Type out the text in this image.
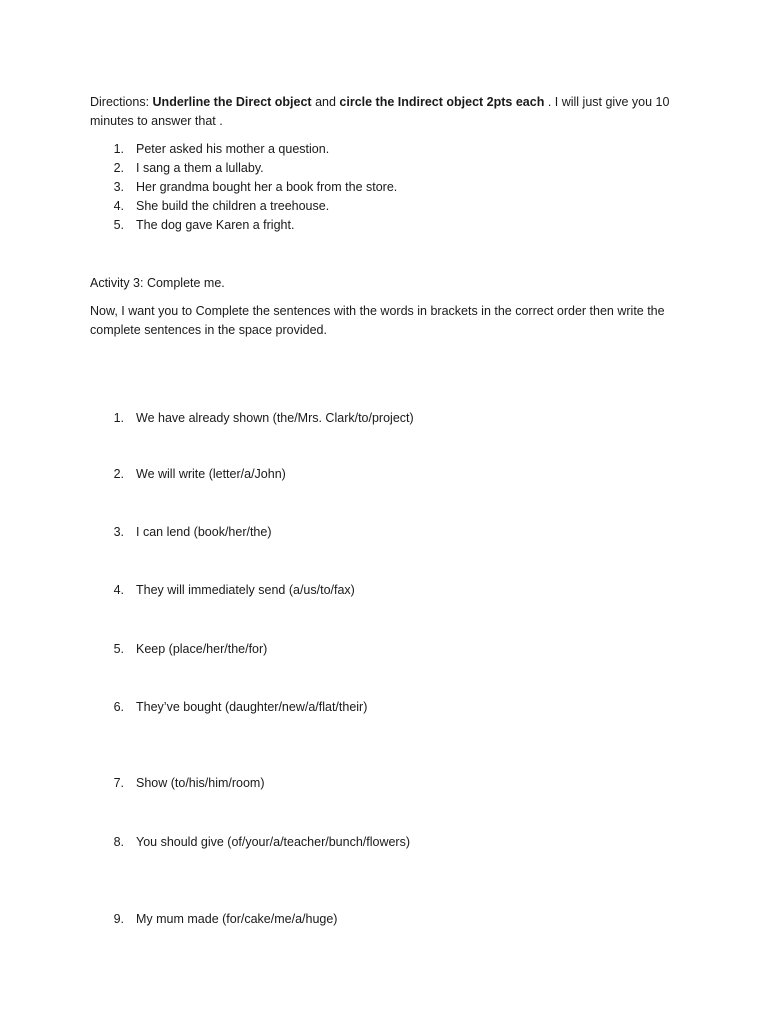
Directions: Underline the Direct object and circle the Indirect object 2pts each . I will just give you 10 minutes to answer that .

1. Peter asked his mother a question.
2. I sang a them a lullaby.
3. Her grandma bought her a book from the store.
4. She build the children a treehouse.
5. The dog gave Karen a fright.

Activity 3: Complete me.

Now, I want you to Complete the sentences with the words in brackets in the correct order then write the complete sentences in the space provided.

1. We have already shown (the/Mrs. Clark/to/project)
2. We will write (letter/a/John)
3. I can lend (book/her/the)
4. They will immediately send (a/us/to/fax)
5. Keep (place/her/the/for)
6. They’ve bought (daughter/new/a/flat/their)
7. Show (to/his/him/room)
8. You should give (of/your/a/teacher/bunch/flowers)
9. My mum made (for/cake/me/a/huge)
